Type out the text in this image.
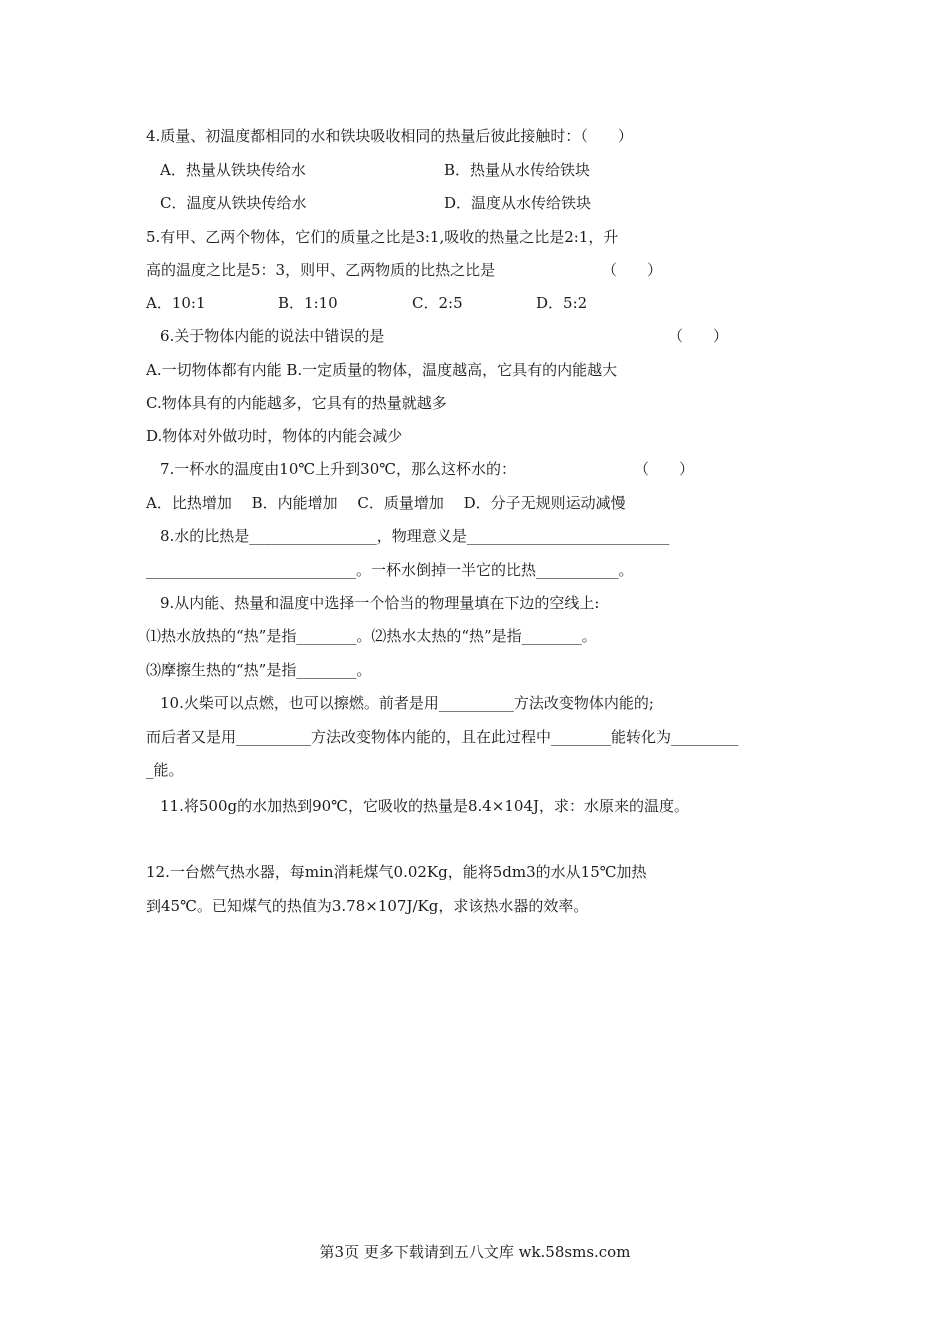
4.质量、初温度都相同的水和铁块吸收相同的热量后彼此接触时：（　　）
A．热量从铁块传给水	B．热量从水传给铁块
C．温度从铁块传给水	D．温度从水传给铁块
5.有甲、乙两个物体，它们的质量之比是3:1,吸收的热量之比是2:1，升
高的温度之比是5：3，则甲、乙两物质的比热之比是	（　　）
A．10:1	B．1:10	C．2:5	D．5:2
6.关于物体内能的说法中错误的是	（　　）
A.一切物体都有内能 B.一定质量的物体，温度越高，它具有的内能越大
C.物体具有的内能越多，它具有的热量就越多
D.物体对外做功时，物体的内能会减少
7.一杯水的温度由10℃上升到30℃，那么这杯水的：	（　　）
A．比热增加　 B．内能增加　 C．质量增加　 D．分子无规则运动减慢
8.水的比热是_________________，物理意义是___________________________
____________________________。一杯水倒掉一半它的比热___________。
9.从内能、热量和温度中选择一个恰当的物理量填在下边的空线上:
⑴热水放热的“热”是指________。⑵热水太热的“热”是指________。
⑶摩擦生热的“热”是指________。
10.火柴可以点燃，也可以擦燃。前者是用__________方法改变物体内能的;
而后者又是用__________方法改变物体内能的，且在此过程中________能转化为_________
_能。
11.将500g的水加热到90℃，它吸收的热量是8.4×104J，求：水原来的温度。
12.一台燃气热水器，每min消耗煤气0.02Kg，能将5dm3的水从15℃加热
到45℃。已知煤气的热值为3.78×107J/Kg，求该热水器的效率。
第3页 更多下载请到五八文库 wk.58sms.com
